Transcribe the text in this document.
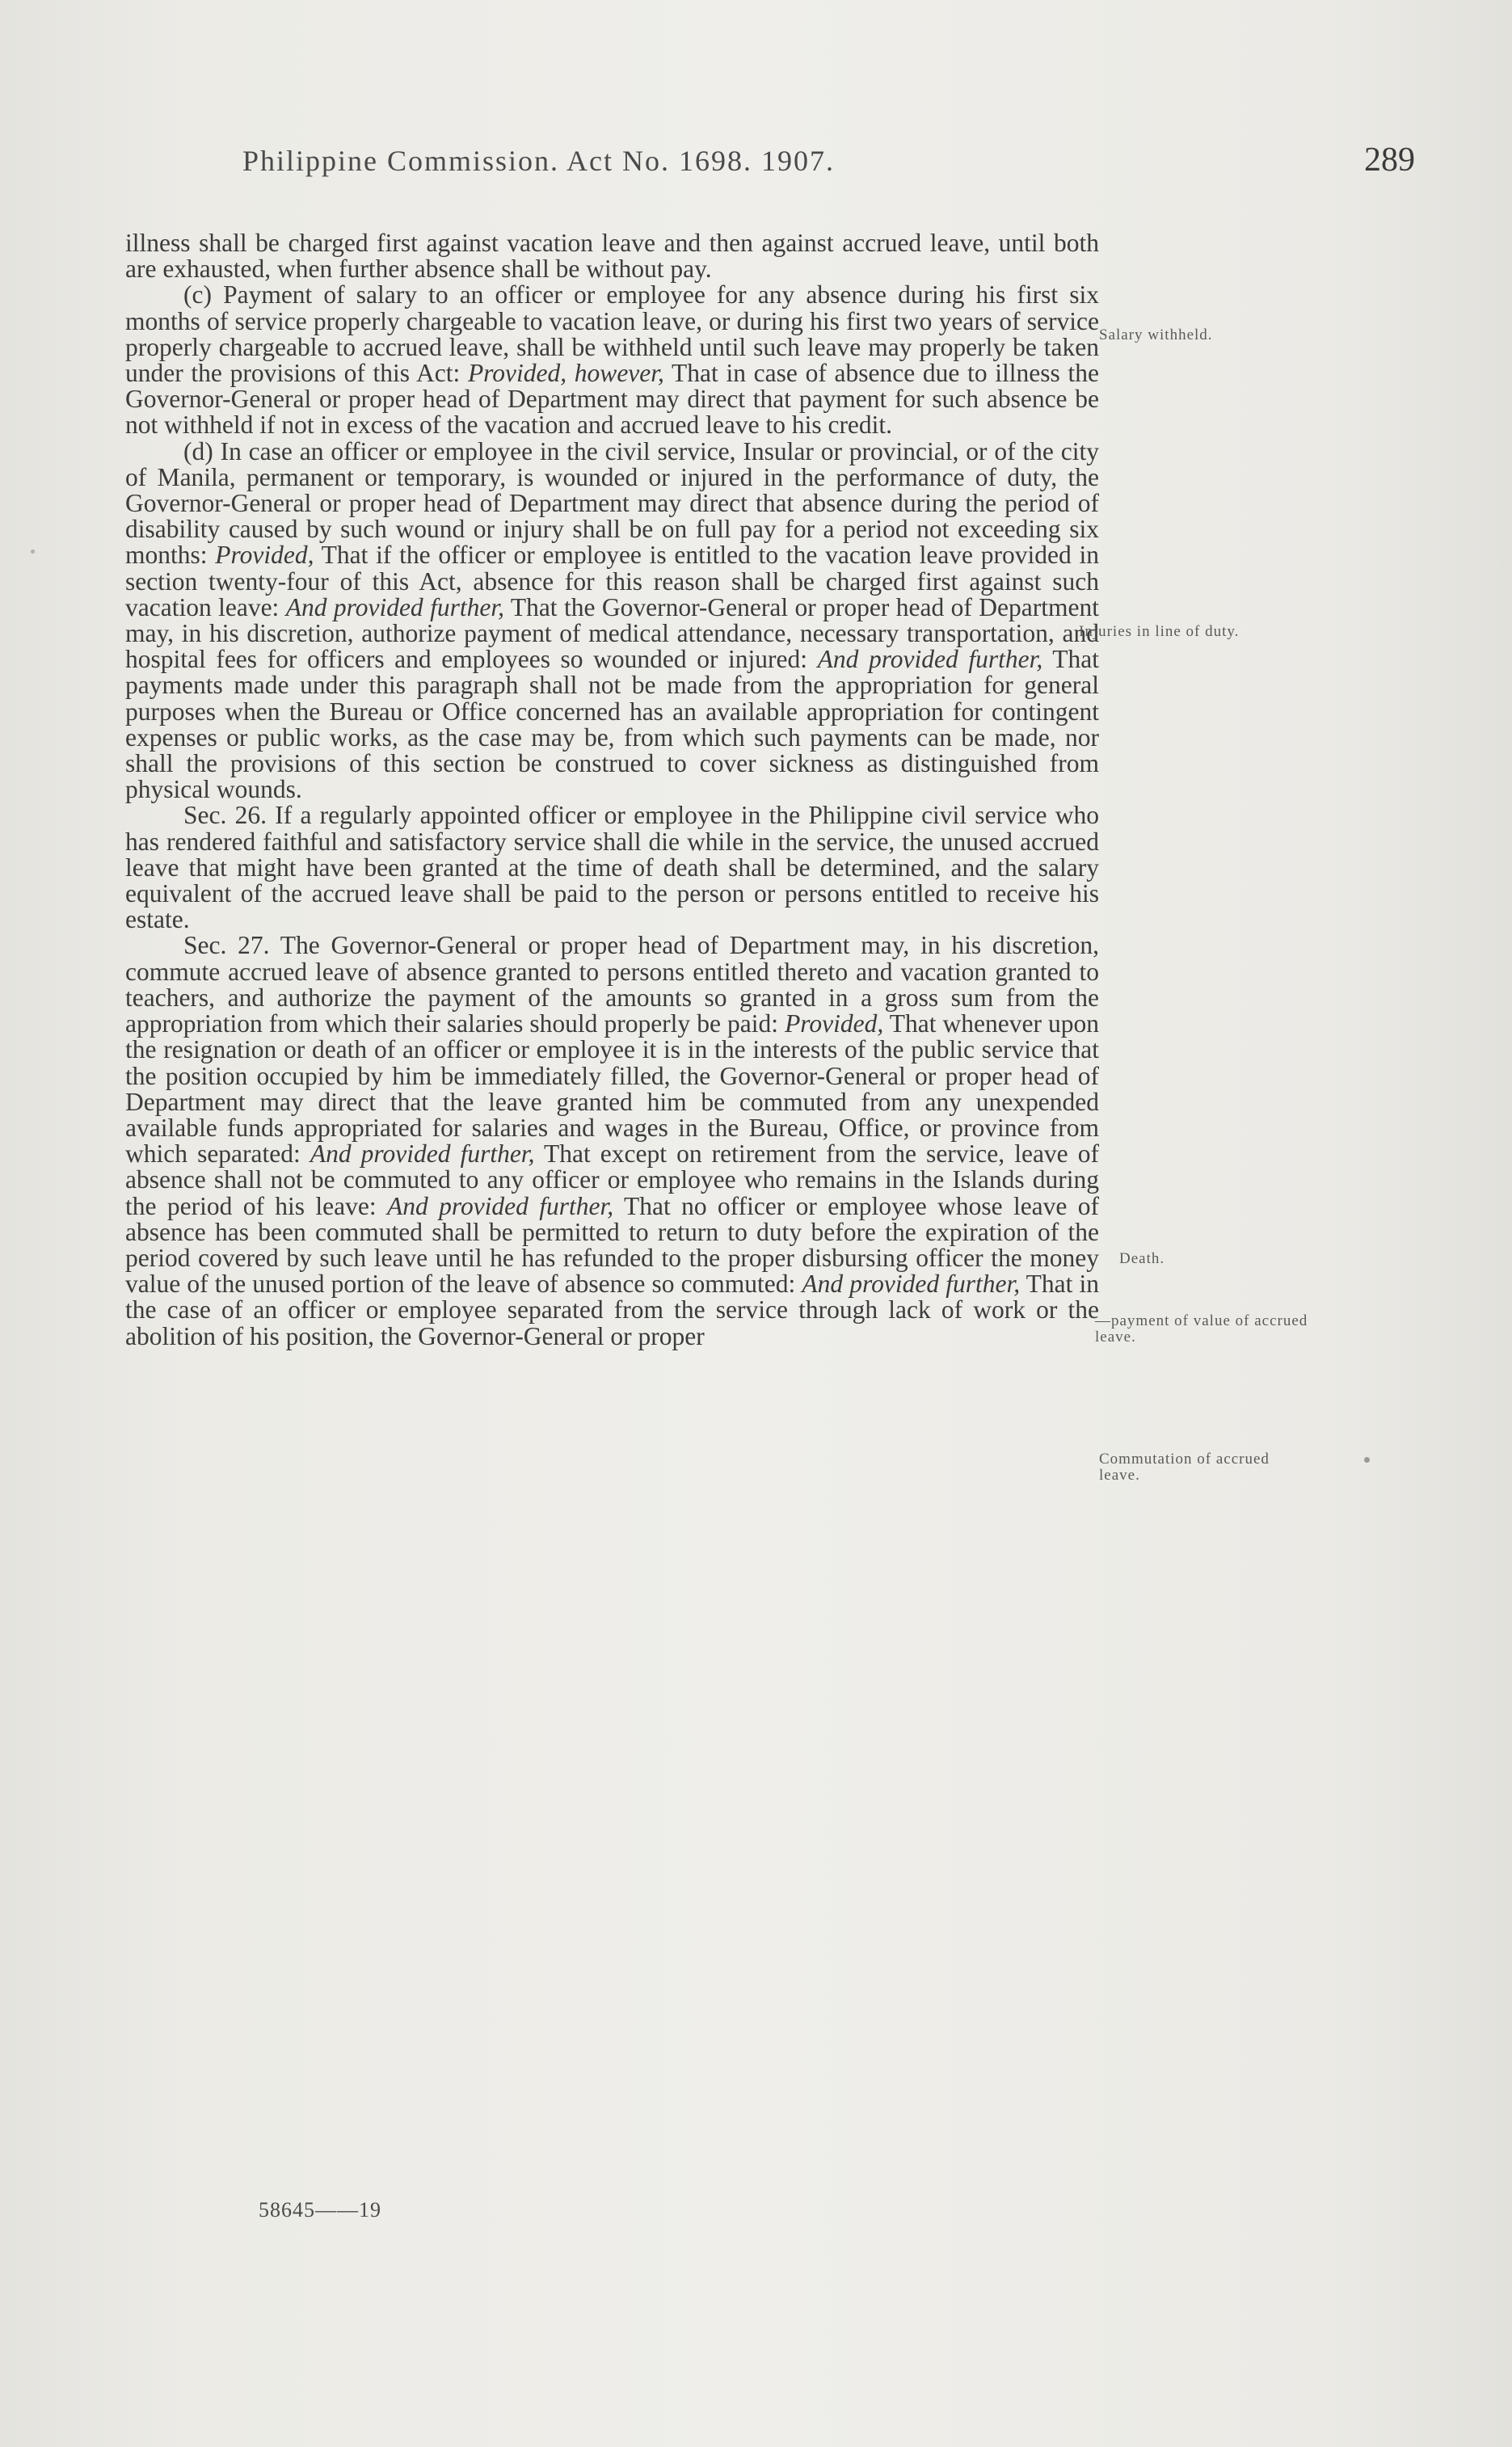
Philippine Commission. Act No. 1698. 1907.	289

illness shall be charged first against vacation leave and then against accrued leave, until both are exhausted, when further absence shall be without pay.

(c) Payment of salary to an officer or employee for any absence during his first six months of service properly chargeable to vacation leave, or during his first two years of service properly chargeable to accrued leave, shall be withheld until such leave may properly be taken under the provisions of this Act: Provided, however, That in case of absence due to illness the Governor-General or proper head of Department may direct that payment for such absence be not withheld if not in excess of the vacation and accrued leave to his credit.

(d) In case an officer or employee in the civil service, Insular or provincial, or of the city of Manila, permanent or temporary, is wounded or injured in the performance of duty, the Governor-General or proper head of Department may direct that absence during the period of disability caused by such wound or injury shall be on full pay for a period not exceeding six months: Provided, That if the officer or employee is entitled to the vacation leave provided in section twenty-four of this Act, absence for this reason shall be charged first against such vacation leave: And provided further, That the Governor-General or proper head of Department may, in his discretion, authorize payment of medical attendance, necessary transportation, and hospital fees for officers and employees so wounded or injured: And provided further, That payments made under this paragraph shall not be made from the appropriation for general purposes when the Bureau or Office concerned has an available appropriation for contingent expenses or public works, as the case may be, from which such payments can be made, nor shall the provisions of this section be construed to cover sickness as distinguished from physical wounds.

Sec. 26. If a regularly appointed officer or employee in the Philippine civil service who has rendered faithful and satisfactory service shall die while in the service, the unused accrued leave that might have been granted at the time of death shall be determined, and the salary equivalent of the accrued leave shall be paid to the person or persons entitled to receive his estate.

Sec. 27. The Governor-General or proper head of Department may, in his discretion, commute accrued leave of absence granted to persons entitled thereto and vacation granted to teachers, and authorize the payment of the amounts so granted in a gross sum from the appropriation from which their salaries should properly be paid: Provided, That whenever upon the resignation or death of an officer or employee it is in the interests of the public service that the position occupied by him be immediately filled, the Governor-General or proper head of Department may direct that the leave granted him be commuted from any unexpended available funds appropriated for salaries and wages in the Bureau, Office, or province from which separated: And provided further, That except on retirement from the service, leave of absence shall not be commuted to any officer or employee who remains in the Islands during the period of his leave: And provided further, That no officer or employee whose leave of absence has been commuted shall be permitted to return to duty before the expiration of the period covered by such leave until he has refunded to the proper disbursing officer the money value of the unused portion of the leave of absence so commuted: And provided further, That in the case of an officer or employee separated from the service through lack of work or the abolition of his position, the Governor-General or proper

Salary withheld.
Injuries in line of duty.
Death.
—payment of value of accrued leave.
Commutation of accrued leave.
58645——19
